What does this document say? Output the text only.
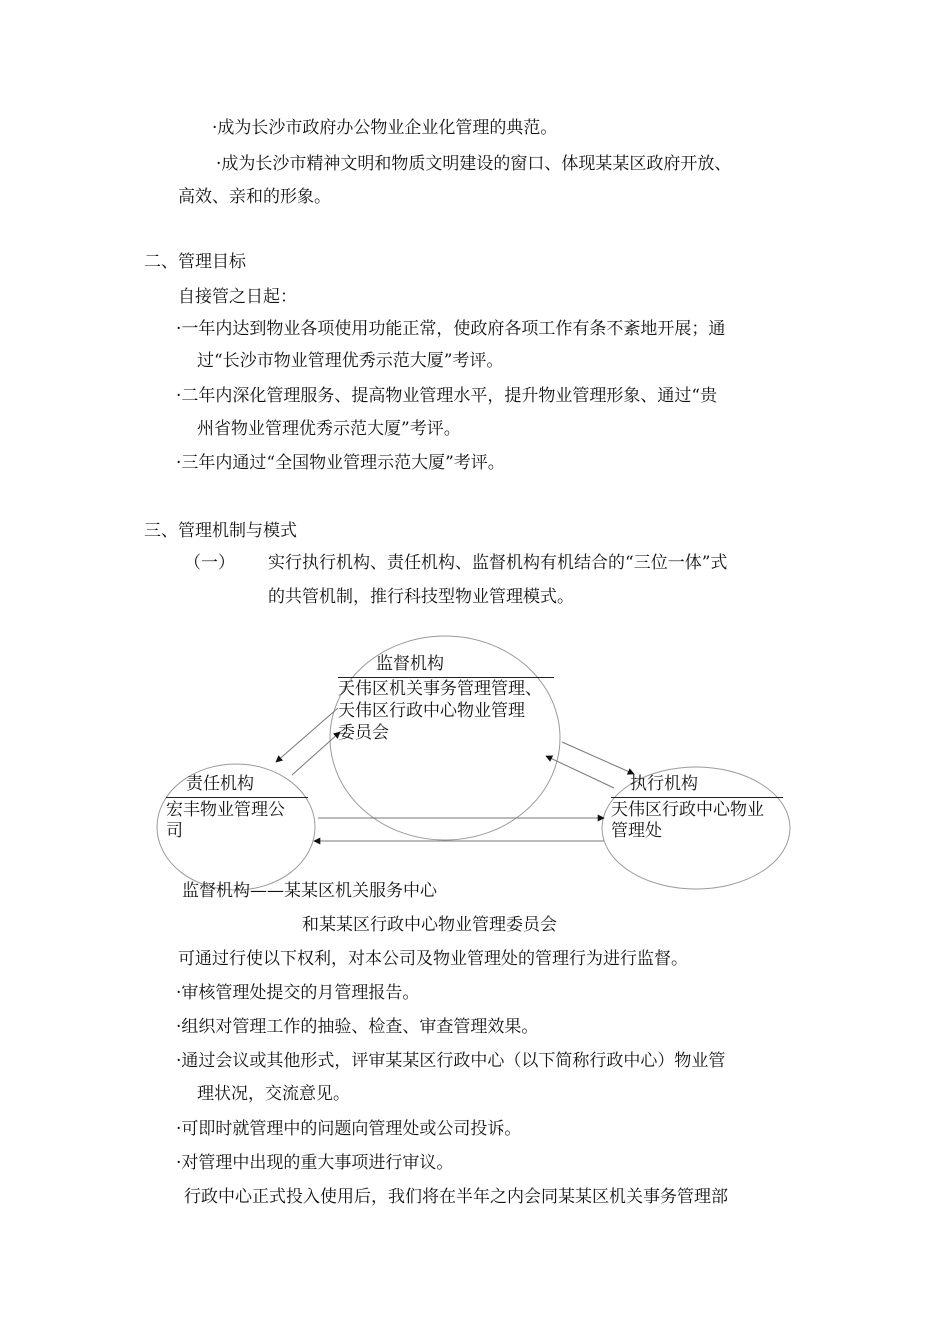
·成为长沙市政府办公物业企业化管理的典范。
·成为长沙市精神文明和物质文明建设的窗口、体现某某区政府开放、
高效、亲和的形象。
二、管理目标
自接管之日起：
·一年内达到物业各项使用功能正常，使政府各项工作有条不紊地开展；通
过“长沙市物业管理优秀示范大厦”考评。
·二年内深化管理服务、提高物业管理水平，提升物业管理形象、通过“贵
州省物业管理优秀示范大厦”考评。
·三年内通过“全国物业管理示范大厦”考评。
三、管理机制与模式
（一） 实行执行机构、责任机构、监督机构有机结合的“三位一体”式
的共管机制，推行科技型物业管理模式。
监督机构
天伟区机关事务管理管理、
天伟区行政中心物业管理
委员会
责任机构
宏丰物业管理公
司
执行机构
天伟区行政中心物业
管理处
监督机构——某某区机关服务中心
和某某区行政中心物业管理委员会
可通过行使以下权利，对本公司及物业管理处的管理行为进行监督。
·审核管理处提交的月管理报告。
·组织对管理工作的抽验、检查、审查管理效果。
·通过会议或其他形式，评审某某区行政中心（以下简称行政中心）物业管
理状况，交流意见。
·可即时就管理中的问题向管理处或公司投诉。
·对管理中出现的重大事项进行审议。
行政中心正式投入使用后，我们将在半年之内会同某某区机关事务管理部
